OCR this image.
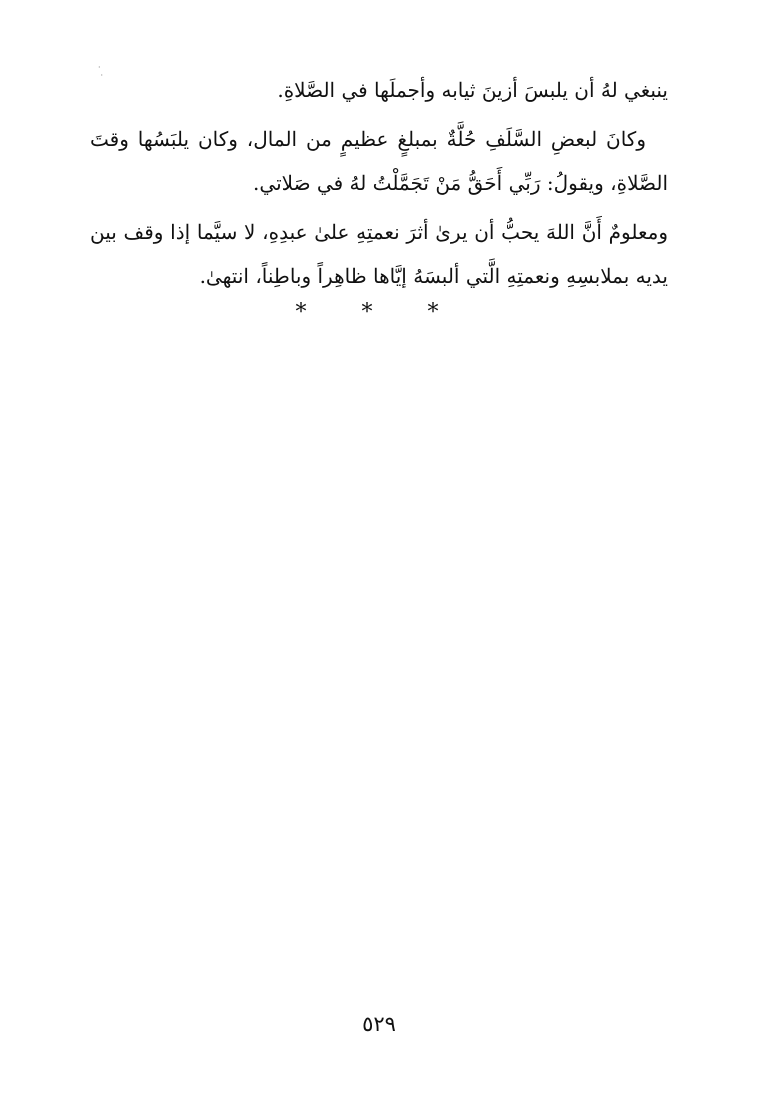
·
·

ينبغي لهُ أن يلبسَ أزينَ ثيابه وأجملَها في الصَّلاةِ.

وكانَ لبعضِ السَّلَفِ حُلَّةٌ بمبلغٍ عظيمٍ من المال، وكان يلبَسُها وقتَ الصَّلاةِ، ويقولُ: رَبِّي أَحَقُّ مَنْ تَجَمَّلْتُ لهُ في صَلاتي.

ومعلومٌ أَنَّ اللهَ يحبُّ أن يرىٰ أثرَ نعمتِهِ علىٰ عبدِهِ، لا سيَّما إذا وقف بين يديه بملابسِهِ ونعمتِهِ الَّتي ألبسَهُ إيَّاها ظاهِراً وباطِناً، انتهىٰ.

* * *
٥٢٩
